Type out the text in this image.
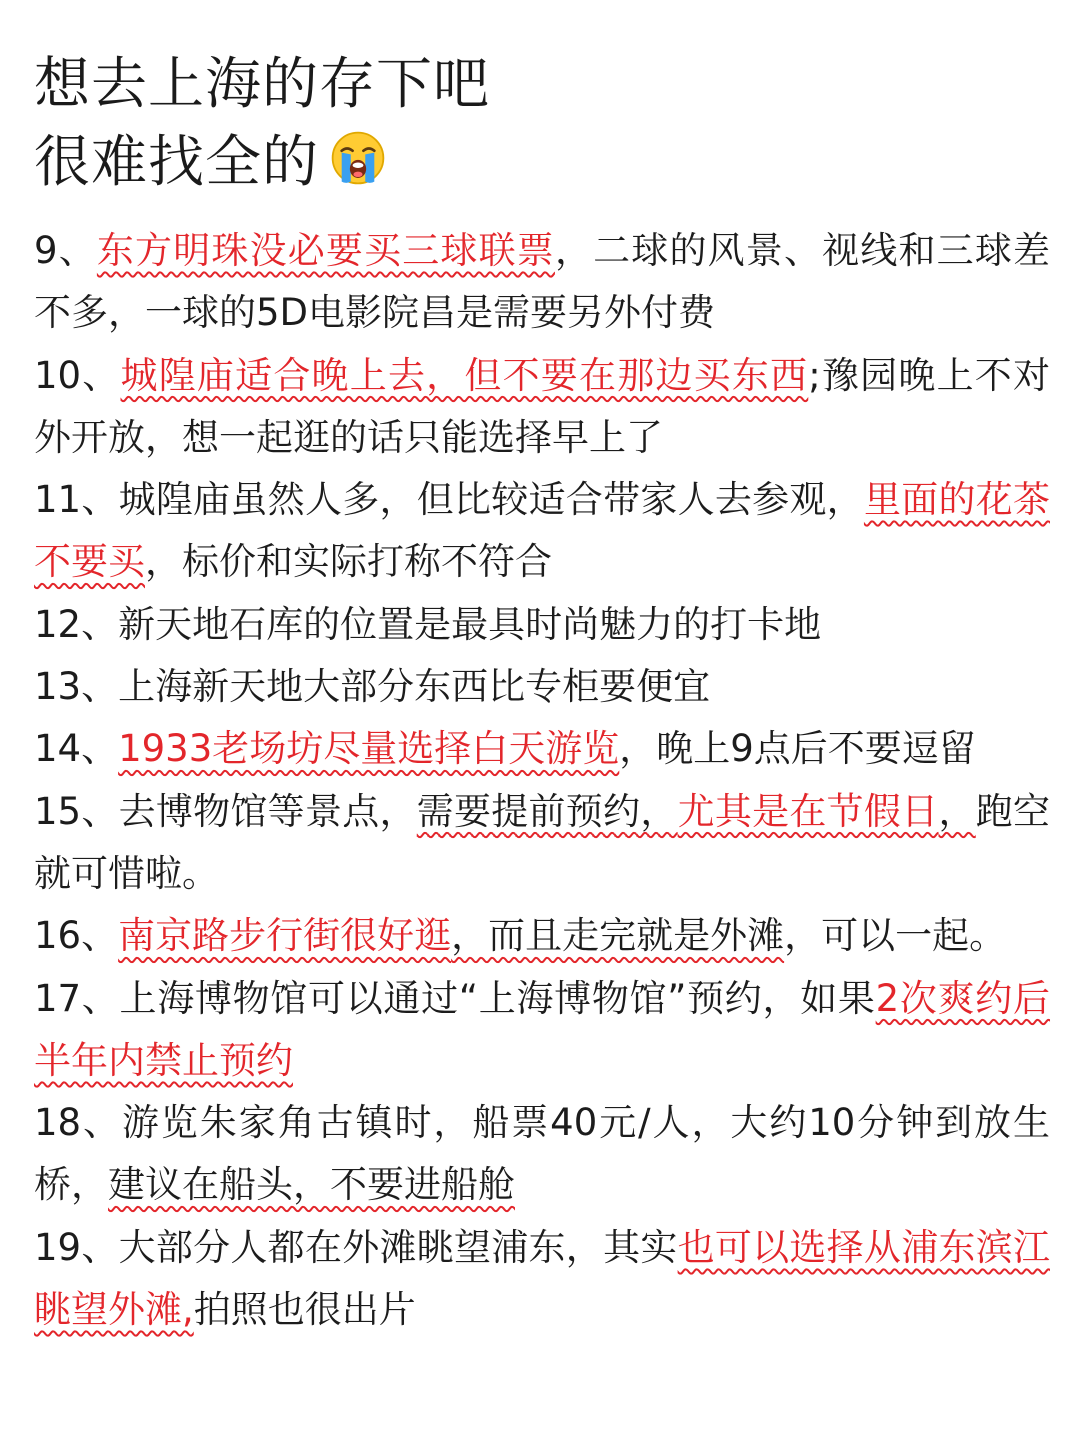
想去上海的存下吧
很难找全的

9、东方明珠没必要买三球联票，二球的风景、视线和三球差不多，一球的5D电影院昌是需要另外付费

10、城隍庙适合晚上去，但不要在那边买东西;豫园晚上不对外开放，想一起逛的话只能选择早上了

11、城隍庙虽然人多，但比较适合带家人去参观，里面的花茶不要买，标价和实际打称不符合

12、新天地石库的位置是最具时尚魅力的打卡地

13、上海新天地大部分东西比专柜要便宜

14、1933老场坊尽量选择白天游览，晚上9点后不要逗留

15、去博物馆等景点，需要提前预约，尤其是在节假日，跑空就可惜啦。

16、南京路步行街很好逛，而且走完就是外滩，可以一起。

17、上海博物馆可以通过“上海博物馆”预约，如果2次爽约后半年内禁止预约

18、游览朱家角古镇时，船票40元/人，大约10分钟到放生桥，建议在船头，不要进船舱

19、大部分人都在外滩眺望浦东，其实也可以选择从浦东滨江眺望外滩,拍照也很出片
